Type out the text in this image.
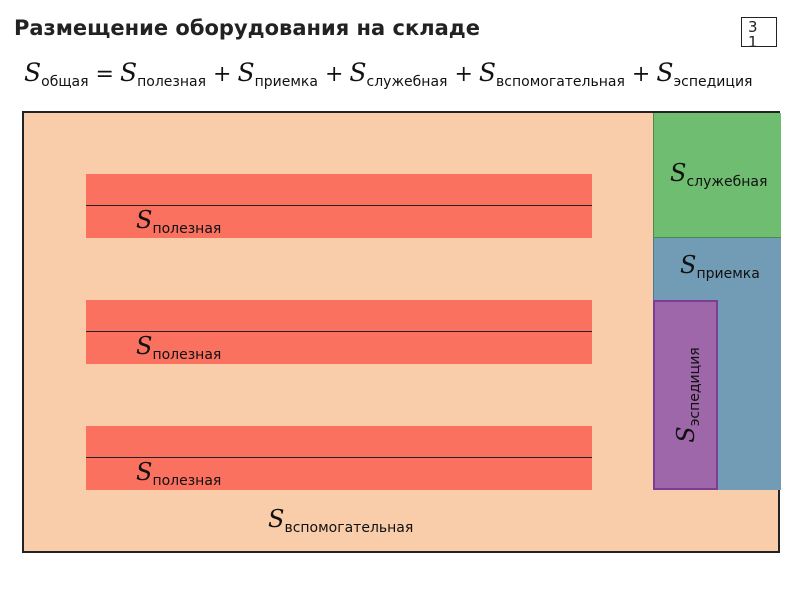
Размещение оборудования на складе	31
S общая = S полезная + S приемка + S служебная + S вспомогательная + S эспедиция
S полезная
S полезная
S полезная
S служебная
S приемка
S
эспедиция
S вспомогательная
